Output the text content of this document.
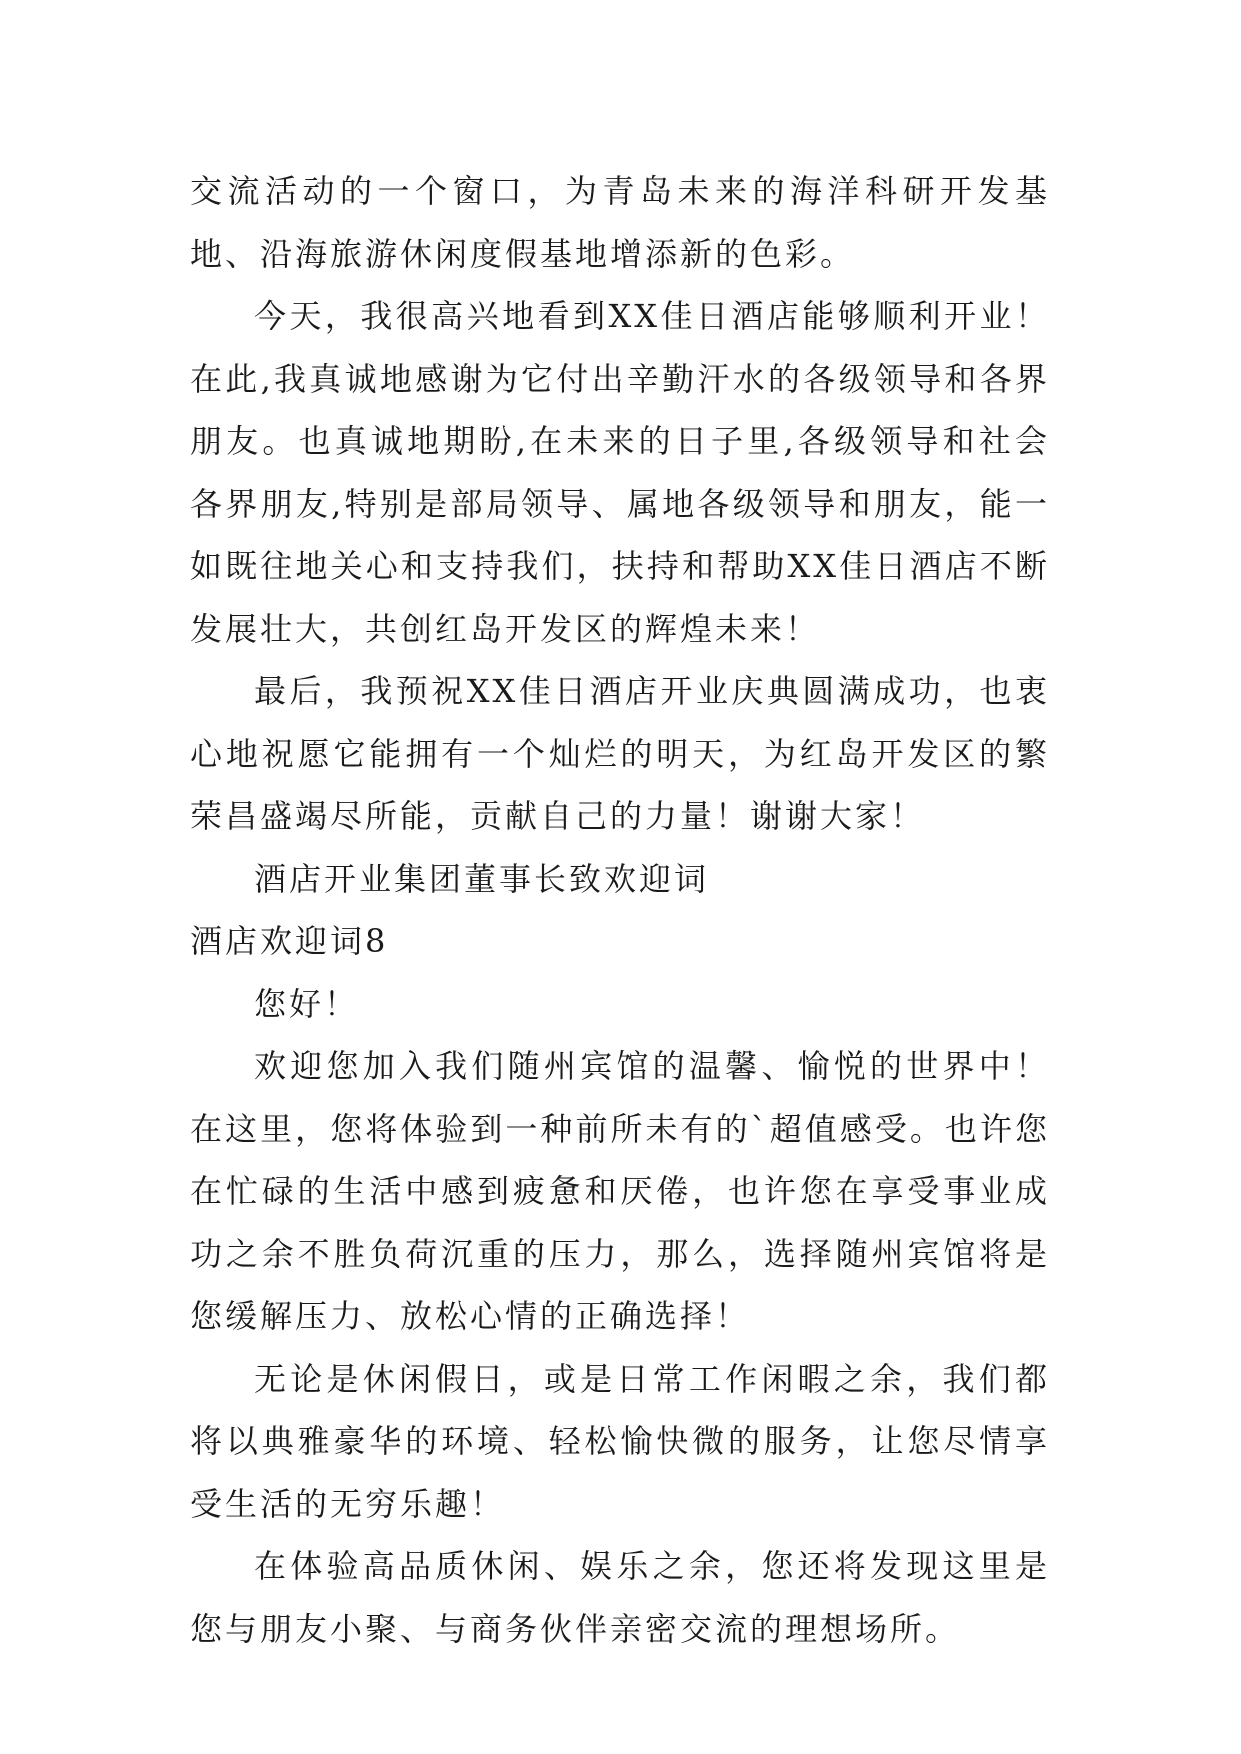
交流活动的一个窗口，为青岛未来的海洋科研开发基地、沿海旅游休闲度假基地增添新的色彩。

今天，我很高兴地看到XX佳日酒店能够顺利开业！在此,我真诚地感谢为它付出辛勤汗水的各级领导和各界朋友。也真诚地期盼,在未来的日子里,各级领导和社会各界朋友,特别是部局领导、属地各级领导和朋友，能一如既往地关心和支持我们，扶持和帮助XX佳日酒店不断发展壮大，共创红岛开发区的辉煌未来！

最后，我预祝XX佳日酒店开业庆典圆满成功，也衷心地祝愿它能拥有一个灿烂的明天，为红岛开发区的繁荣昌盛竭尽所能，贡献自己的力量！谢谢大家！

酒店开业集团董事长致欢迎词

酒店欢迎词8

您好！

欢迎您加入我们随州宾馆的温馨、愉悦的世界中！在这里，您将体验到一种前所未有的`超值感受。也许您在忙碌的生活中感到疲惫和厌倦，也许您在享受事业成功之余不胜负荷沉重的压力，那么，选择随州宾馆将是您缓解压力、放松心情的正确选择！

无论是休闲假日，或是日常工作闲暇之余，我们都将以典雅豪华的环境、轻松愉快微的服务，让您尽情享受生活的无穷乐趣！

在体验高品质休闲、娱乐之余，您还将发现这里是您与朋友小聚、与商务伙伴亲密交流的理想场所。
